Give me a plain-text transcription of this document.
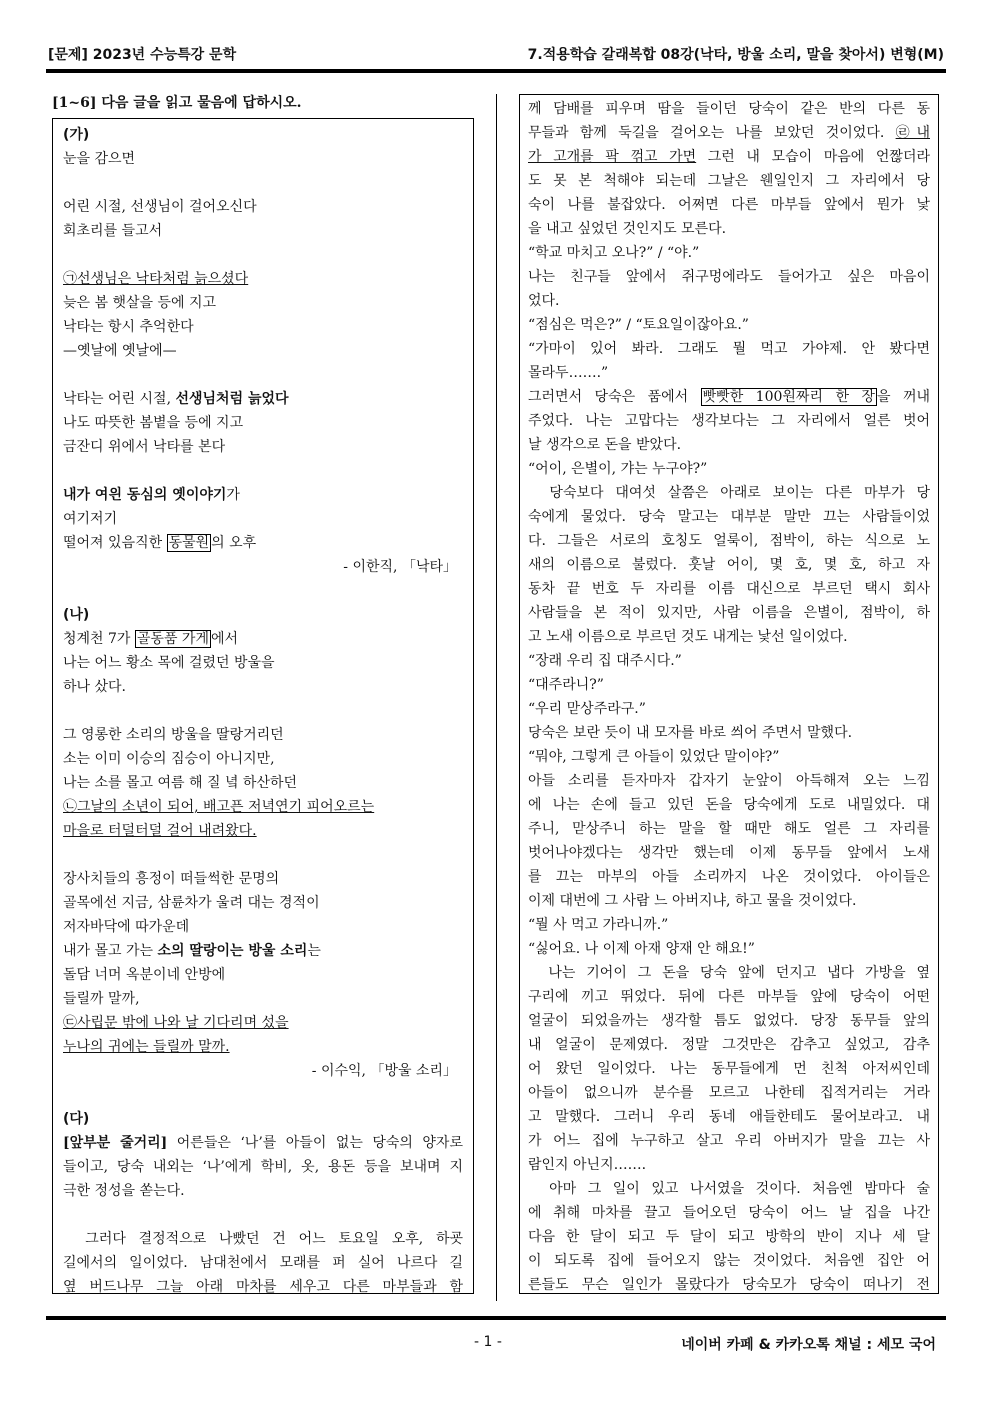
[문제] 2023년 수능특강 문학	7.적용학습 갈래복합 08강(낙타, 방울 소리, 말을 찾아서) 변형(M)
[1~6] 다음 글을 읽고 물음에 답하시오.
(가)
눈을 감으면
어린 시절, 선생님이 걸어오신다
회초리를 들고서
㉠선생님은 낙타처럼 늙으셨다
늦은 봄 햇살을 등에 지고
낙타는 항시 추억한다
—옛날에 옛날에—
낙타는 어린 시절, 선생님처럼 늙었다
나도 따뜻한 봄볕을 등에 지고
금잔디 위에서 낙타를 본다
내가 여읜 동심의 옛이야기가
여기저기
떨어져 있음직한 동물원 의 오후
- 이한직, 「낙타」
(나)
청계천 7가 골동품 가게 에서
나는 어느 황소 목에 걸렸던 방울을
하나 샀다.
그 영롱한 소리의 방울을 딸랑거리던
소는 이미 이승의 짐승이 아니지만,
나는 소를 몰고 여름 해 질 녘 하산하던
㉡그날의 소년이 되어, 배고픈 저녁연기 피어오르는
마을로 터덜터덜 걸어 내려왔다.
장사치들의 흥정이 떠들썩한 문명의
골목에선 지금, 삼륜차가 울려 대는 경적이
저자바닥에 따가운데
내가 몰고 가는 소의 딸랑이는 방울 소리는
돌담 너머 옥분이네 안방에
들릴까 말까,
㉢사립문 밖에 나와 날 기다리며 섰을
누나의 귀에는 들릴까 말까.
- 이수익, 「방울 소리」
(다)
[앞부분 줄거리] 어른들은 ‘나’를 아들이 없는 당숙의 양자로
들이고, 당숙 내외는 ‘나’에게 학비, 옷, 용돈 등을 보내며 지
극한 정성을 쏟는다.
　그러다 결정적으로 나빴던 건 어느 토요일 오후, 하굣
길에서의 일이었다. 남대천에서 모래를 퍼 실어 나르다 길
옆 버드나무 그늘 아래 마차를 세우고 다른 마부들과 함
께 담배를 피우며 땀을 들이던 당숙이 같은 반의 다른 동
무들과 함께 둑길을 걸어오는 나를 보았던 것이었다. ㉣내
가 고개를 팍 꺾고 가면 그런 내 모습이 마음에 언짢더라
도 못 본 척해야 되는데 그날은 웬일인지 그 자리에서 당
숙이 나를 불잡았다. 어쩌면 다른 마부들 앞에서 뭔가 낯
을 내고 싶었던 것인지도 모른다.
“학교 마치고 오나?” / “야.”
나는 친구들 앞에서 쥐구멍에라도 들어가고 싶은 마음이
었다.
“점심은 먹은?” / “토요일이잖아요.”
“가마이 있어 봐라. 그래도 뭘 먹고 가야제. 안 봤다면
몰라두…….”
그러면서 당숙은 품에서 빳빳한 100원짜리 한 장 을 꺼내
주었다. 나는 고맙다는 생각보다는 그 자리에서 얼른 벗어
날 생각으로 돈을 받았다.
“어이, 은별이, 갸는 누구야?”
　당숙보다 대여섯 살쯤은 아래로 보이는 다른 마부가 당
숙에게 물었다. 당숙 말고는 대부분 말만 끄는 사람들이었
다. 그들은 서로의 호칭도 얼룩이, 점박이, 하는 식으로 노
새의 이름으로 불렀다. 훗날 어이, 몇 호, 몇 호, 하고 자
동차 끝 번호 두 자리를 이름 대신으로 부르던 택시 회사
사람들을 본 적이 있지만, 사람 이름을 은별이, 점박이, 하
고 노새 이름으로 부르던 것도 내게는 낯선 일이었다.
“장래 우리 집 대주시다.”
“대주라니?”
“우리 맏상주라구.”
당숙은 보란 듯이 내 모자를 바로 씌어 주면서 말했다.
“뭐야, 그렇게 큰 아들이 있었단 말이야?”
아들 소리를 듣자마자 갑자기 눈앞이 아득해져 오는 느낌
에 나는 손에 들고 있던 돈을 당숙에게 도로 내밀었다. 대
주니, 맏상주니 하는 말을 할 때만 해도 얼른 그 자리를
벗어나야겠다는 생각만 했는데 이제 동무들 앞에서 노새
를 끄는 마부의 아들 소리까지 나온 것이었다. 아이들은
이제 대번에 그 사람 느 아버지냐, 하고 물을 것이었다.
“뭘 사 먹고 가라니까.”
“싫어요. 나 이제 아재 양재 안 해요!”
　나는 기어이 그 돈을 당숙 앞에 던지고 냅다 가방을 옆
구리에 끼고 뛰었다. 뒤에 다른 마부들 앞에 당숙이 어떤
얼굴이 되었을까는 생각할 틈도 없었다. 당장 동무들 앞의
내 얼굴이 문제였다. 정말 그것만은 감추고 싶었고, 감추
어 왔던 일이었다. 나는 동무들에게 먼 친척 아저씨인데
아들이 없으니까 분수를 모르고 나한테 집적거리는 거라
고 말했다. 그러니 우리 동네 애들한테도 물어보라고. 내
가 어느 집에 누구하고 살고 우리 아버지가 말을 끄는 사
람인지 아닌지…….
　아마 그 일이 있고 나서였을 것이다. 처음엔 밤마다 술
에 취해 마차를 끌고 들어오던 당숙이 어느 날 집을 나간
다음 한 달이 되고 두 달이 되고 방학의 반이 지나 세 달
이 되도록 집에 들어오지 않는 것이었다. 처음엔 집안 어
른들도 무슨 일인가 몰랐다가 당숙모가 당숙이 떠나기 전
- 1 -	네이버 카페 & 카카오톡 채널 : 세모 국어
